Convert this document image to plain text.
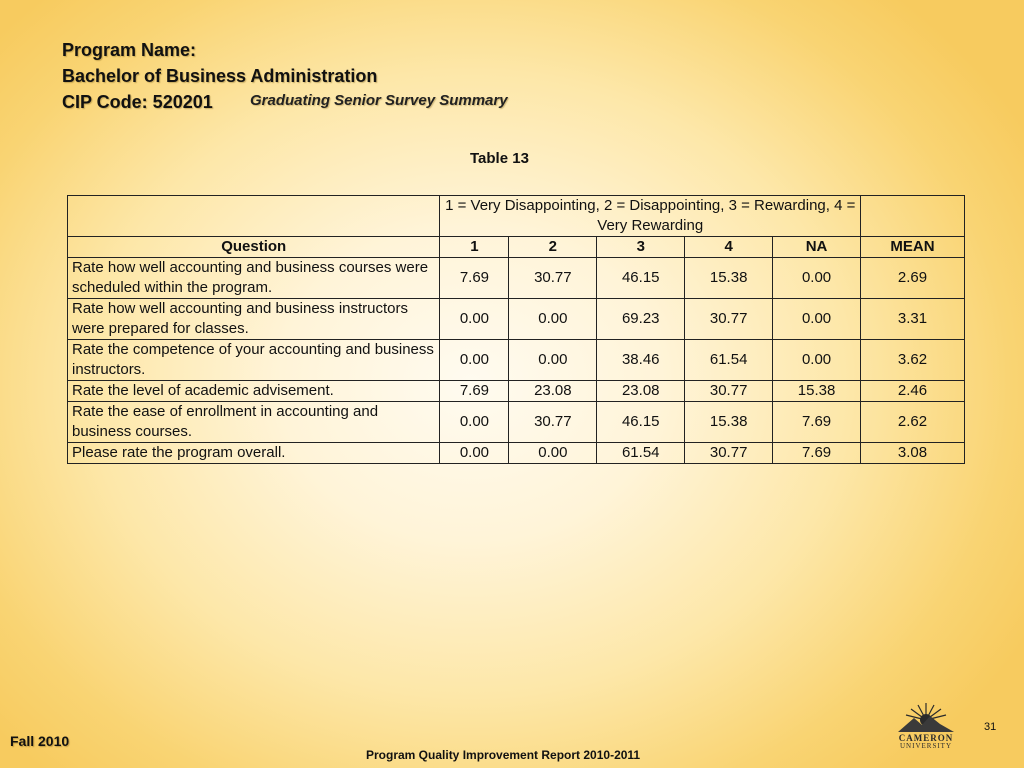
Program Name:
Bachelor of Business Administration
CIP Code: 520201	Graduating Senior Survey Summary
Table 13
	1 = Very Disappointing, 2 = Disappointing, 3 = Rewarding, 4 = Very Rewarding					
Question	1	2	3	4	NA	MEAN
Rate how well accounting and business courses were scheduled within the program.	7.69	30.77	46.15	15.38	0.00	2.69
Rate how well accounting and business instructors were prepared for classes.	0.00	0.00	69.23	30.77	0.00	3.31
Rate the competence of your accounting and business instructors.	0.00	0.00	38.46	61.54	0.00	3.62
Rate the level of academic advisement.	7.69	23.08	23.08	30.77	15.38	2.46
Rate the ease of enrollment in accounting and business courses.	0.00	30.77	46.15	15.38	7.69	2.62
Please rate the program overall.	0.00	0.00	61.54	30.77	7.69	3.08
Fall 2010
Program Quality Improvement Report 2010-2011
CAMERON
UNIVERSITY
31
